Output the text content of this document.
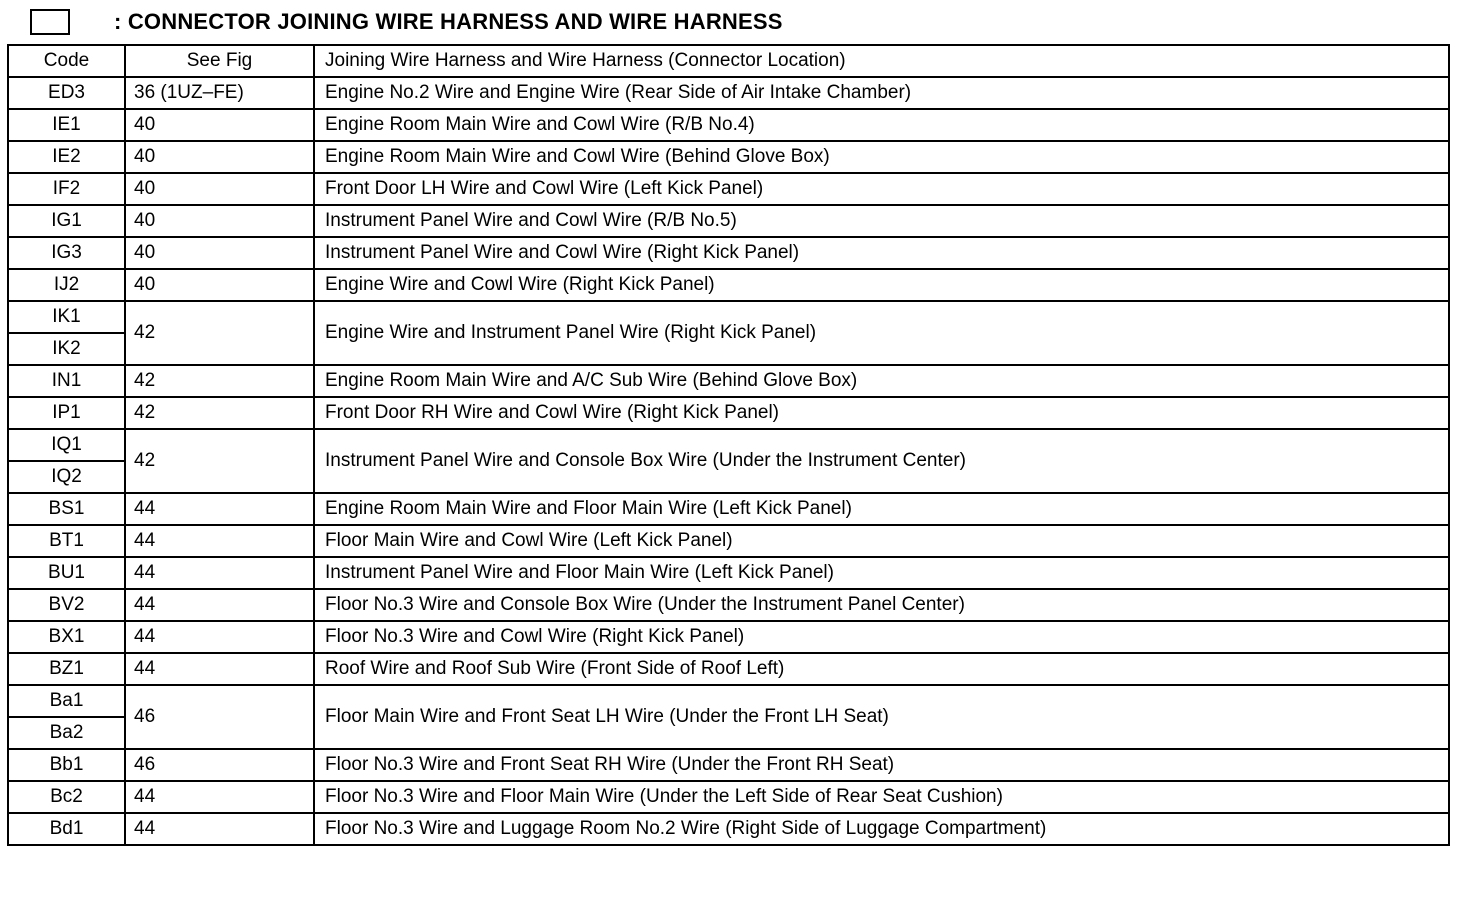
: CONNECTOR JOINING WIRE HARNESS AND WIRE HARNESS
Code	See Fig	Joining Wire Harness and Wire Harness (Connector Location)
ED3	36 (1UZ–FE)	Engine No.2 Wire and Engine Wire (Rear Side of Air Intake Chamber)
IE1	40	Engine Room Main Wire and Cowl Wire (R/B No.4)
IE2	40	Engine Room Main Wire and Cowl Wire (Behind Glove Box)
IF2	40	Front Door LH Wire and Cowl Wire (Left Kick Panel)
IG1	40	Instrument Panel Wire and Cowl Wire (R/B No.5)
IG3	40	Instrument Panel Wire and Cowl Wire (Right Kick Panel)
IJ2	40	Engine Wire and Cowl Wire (Right Kick Panel)
IK1	42	Engine Wire and Instrument Panel Wire (Right Kick Panel)
IK2		
IN1	42	Engine Room Main Wire and A/C Sub Wire (Behind Glove Box)
IP1	42	Front Door RH Wire and Cowl Wire (Right Kick Panel)
IQ1	42	Instrument Panel Wire and Console Box Wire (Under the Instrument Center)
IQ2		
BS1	44	Engine Room Main Wire and Floor Main Wire (Left Kick Panel)
BT1	44	Floor Main Wire and Cowl Wire (Left Kick Panel)
BU1	44	Instrument Panel Wire and Floor Main Wire (Left Kick Panel)
BV2	44	Floor No.3 Wire and Console Box Wire (Under the Instrument Panel Center)
BX1	44	Floor No.3 Wire and Cowl Wire (Right Kick Panel)
BZ1	44	Roof Wire and Roof Sub Wire (Front Side of Roof Left)
Ba1	46	Floor Main Wire and Front Seat LH Wire (Under the Front LH Seat)
Ba2		
Bb1	46	Floor No.3 Wire and Front Seat RH Wire (Under the Front RH Seat)
Bc2	44	Floor No.3 Wire and Floor Main Wire (Under the Left Side of Rear Seat Cushion)
Bd1	44	Floor No.3 Wire and Luggage Room No.2 Wire (Right Side of Luggage Compartment)
